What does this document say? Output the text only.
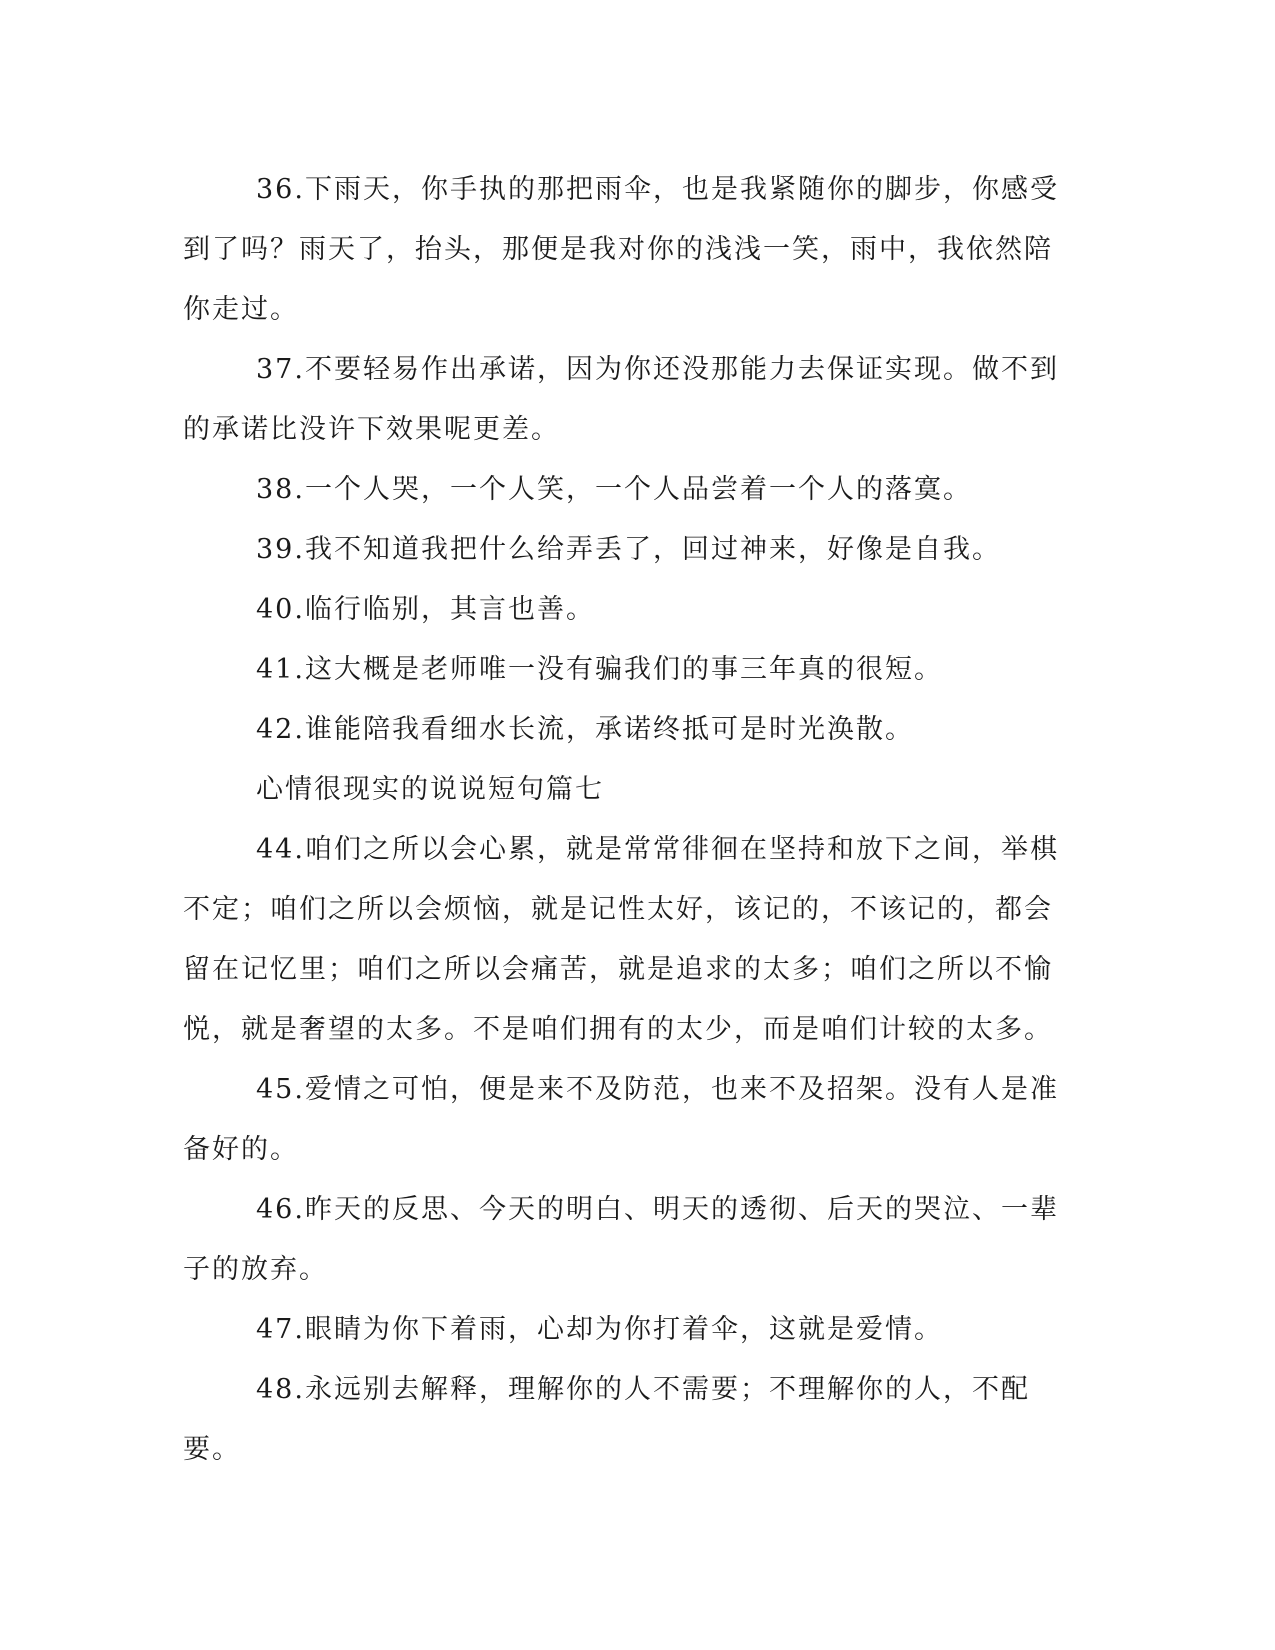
36.下雨天，你手执的那把雨伞，也是我紧随你的脚步，你感受到了吗？雨天了，抬头，那便是我对你的浅浅一笑，雨中，我依然陪你走过。

37.不要轻易作出承诺，因为你还没那能力去保证实现。做不到的承诺比没许下效果呢更差。

38.一个人哭，一个人笑，一个人品尝着一个人的落寞。

39.我不知道我把什么给弄丢了，回过神来，好像是自我。

40.临行临别，其言也善。

41.这大概是老师唯一没有骗我们的事三年真的很短。

42.谁能陪我看细水长流，承诺终抵可是时光涣散。

心情很现实的说说短句篇七

44.咱们之所以会心累，就是常常徘徊在坚持和放下之间，举棋不定；咱们之所以会烦恼，就是记性太好，该记的，不该记的，都会留在记忆里；咱们之所以会痛苦，就是追求的太多；咱们之所以不愉悦，就是奢望的太多。不是咱们拥有的太少，而是咱们计较的太多。

45.爱情之可怕，便是来不及防范，也来不及招架。没有人是准备好的。

46.昨天的反思、今天的明白、明天的透彻、后天的哭泣、一辈子的放弃。

47.眼睛为你下着雨，心却为你打着伞，这就是爱情。

48.永远别去解释，理解你的人不需要；不理解你的人，不配要。
